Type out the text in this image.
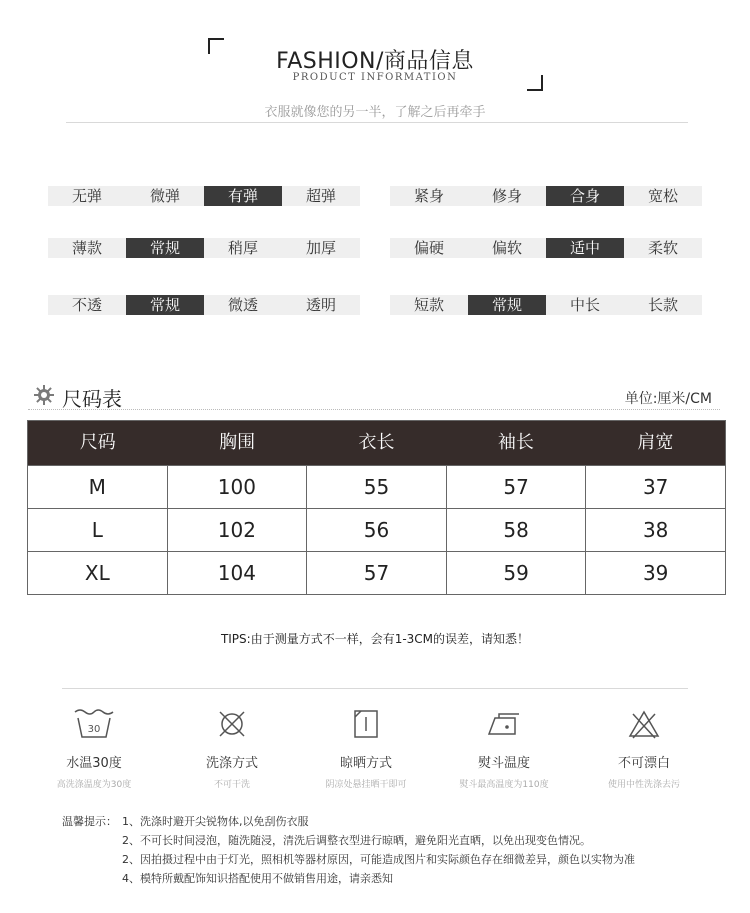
FASHION/商品信息
PRODUCT INFORMATION
衣服就像您的另一半，了解之后再牵手
无弹	微弹	有弹	超弹
薄款	常规	稍厚	加厚
不透	常规	微透	透明
紧身	修身	合身	宽松
偏硬	偏软	适中	柔软
短款	常规	中长	长款
尺码表	单位:厘米/CM
尺码	胸围	衣长	袖长	肩宽
M	100	55	57	37
L	102	56	58	38
XL	104	57	59	39
TIPS:由于测量方式不一样，会有1-3CM的误差，请知悉！
30
水温30度
高洗涤温度为30度
洗涤方式
不可干洗
晾晒方式
阴凉处悬挂晒干即可
熨斗温度
熨斗最高温度为110度
不可漂白
使用中性洗涤去污
温馨提示： 1、洗涤时避开尖锐物体,以免刮伤衣服
2、不可长时间浸泡，随洗随浸，清洗后调整衣型进行晾晒，避免阳光直晒，以免出现变色情况。
2、因拍摄过程中由于灯光，照相机等器材原因，可能造成图片和实际颜色存在细微差异，颜色以实物为准
4、模特所戴配饰知识搭配使用不做销售用途，请亲悉知
